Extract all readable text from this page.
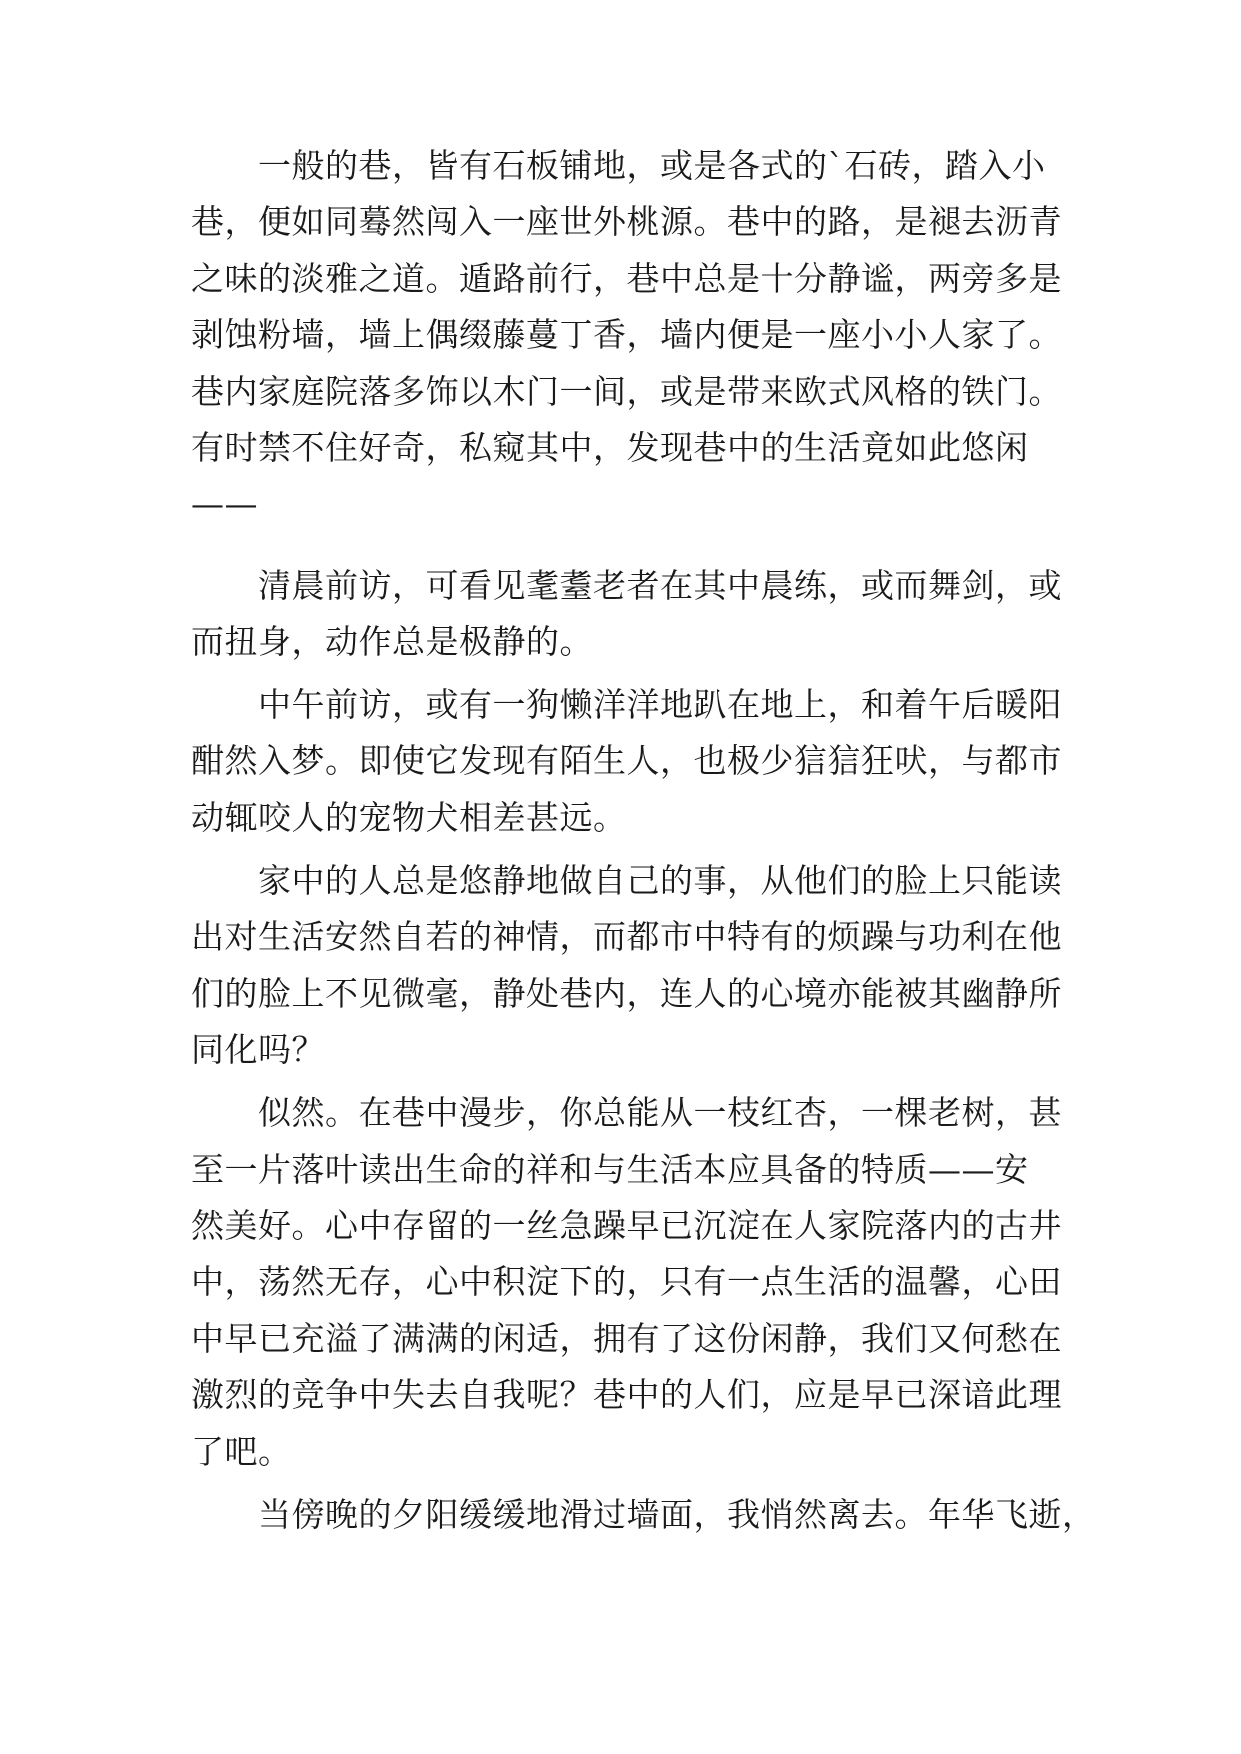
一般的巷，皆有石板铺地，或是各式的`石砖，踏入小
巷，便如同蓦然闯入一座世外桃源。巷中的路，是褪去沥青
之味的淡雅之道。遁路前行，巷中总是十分静谧，两旁多是
剥蚀粉墙，墙上偶缀藤蔓丁香，墙内便是一座小小人家了。
巷内家庭院落多饰以木门一间，或是带来欧式风格的铁门。
有时禁不住好奇，私窥其中，发现巷中的生活竟如此悠闲
——
清晨前访，可看见耄耋老者在其中晨练，或而舞剑，或
而扭身，动作总是极静的。
中午前访，或有一狗懒洋洋地趴在地上，和着午后暖阳
酣然入梦。即使它发现有陌生人，也极少狺狺狂吠，与都市
动辄咬人的宠物犬相差甚远。
家中的人总是悠静地做自己的事，从他们的脸上只能读
出对生活安然自若的神情，而都市中特有的烦躁与功利在他
们的脸上不见微毫，静处巷内，连人的心境亦能被其幽静所
同化吗？
似然。在巷中漫步，你总能从一枝红杏，一棵老树，甚
至一片落叶读出生命的祥和与生活本应具备的特质——安
然美好。心中存留的一丝急躁早已沉淀在人家院落内的古井
中，荡然无存，心中积淀下的，只有一点生活的温馨，心田
中早已充溢了满满的闲适，拥有了这份闲静，我们又何愁在
激烈的竞争中失去自我呢？巷中的人们，应是早已深谙此理
了吧。
当傍晚的夕阳缓缓地滑过墙面，我悄然离去。年华飞逝，
